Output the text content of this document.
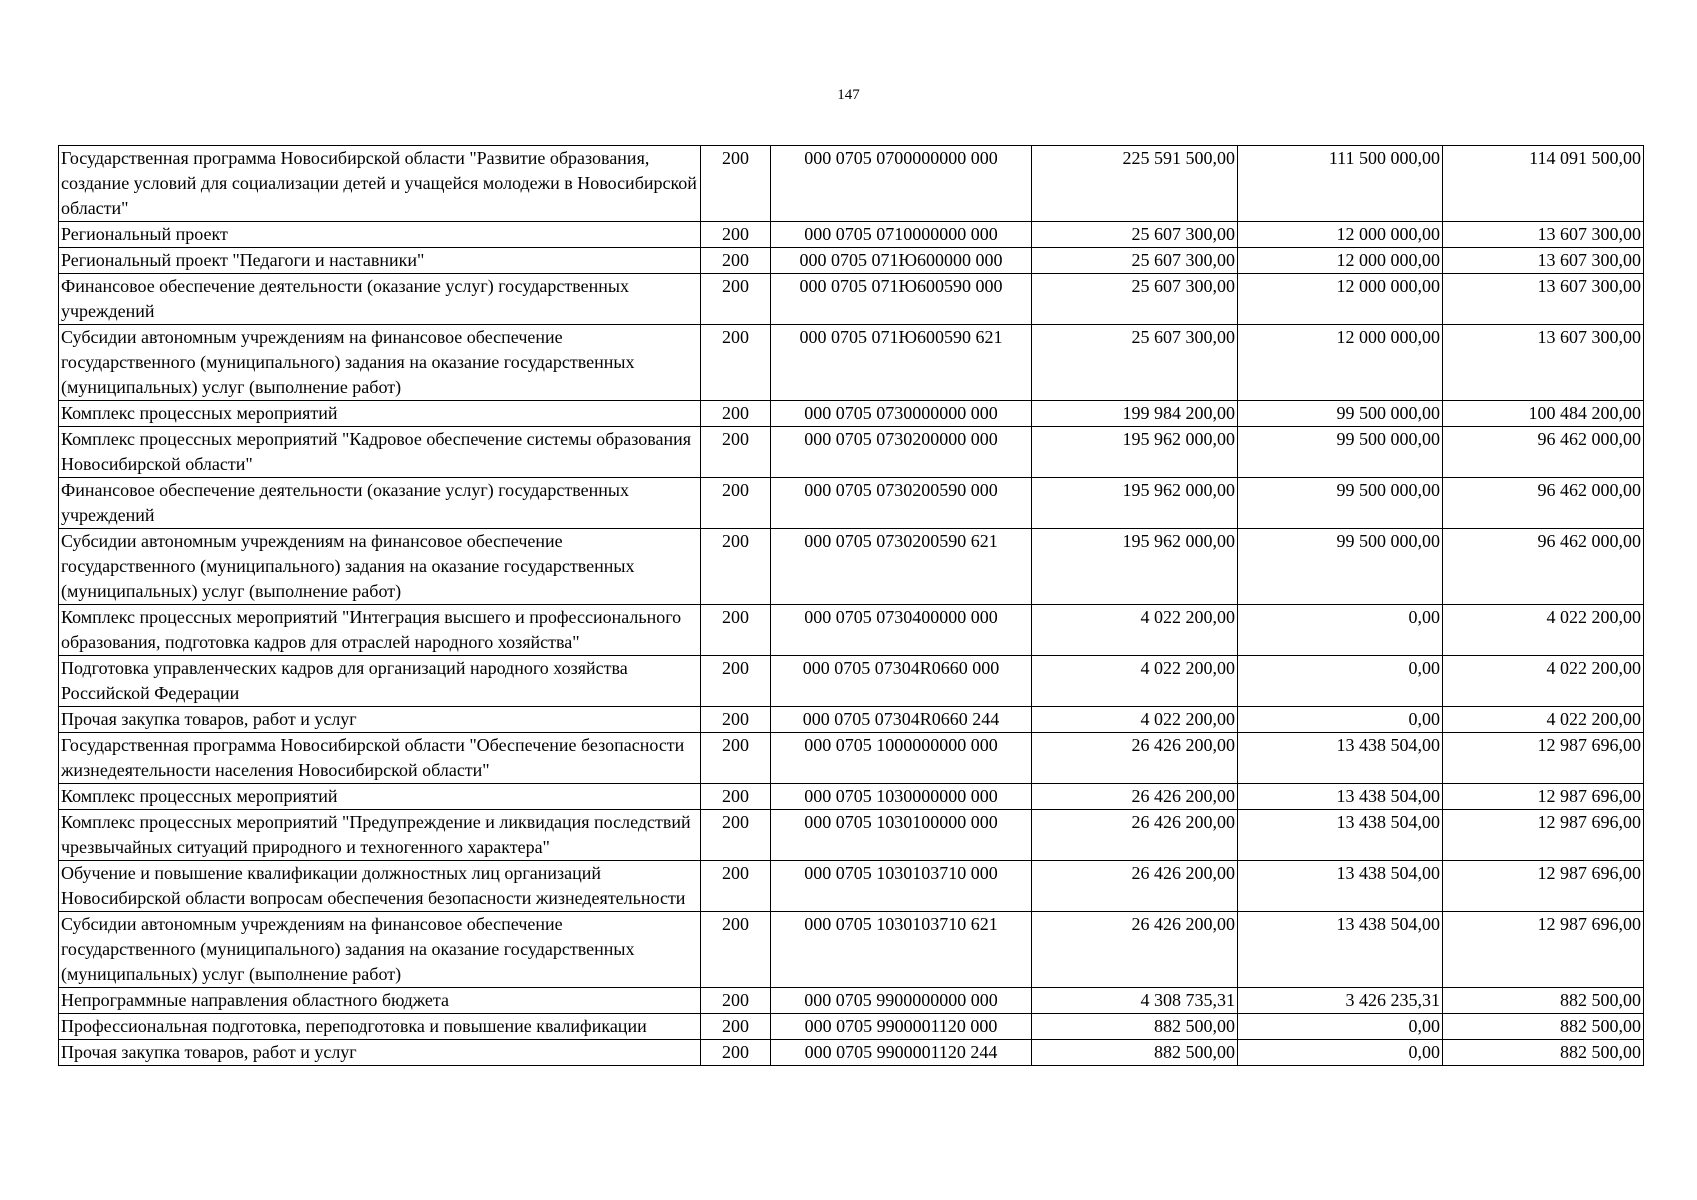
147
Государственная программа Новосибирской области "Развитие образования, создание условий для социализации детей и учащейся молодежи в Новосибирской области"	200	000 0705 0700000000 000	225 591 500,00	111 500 000,00	114 091 500,00
Региональный проект	200	000 0705 0710000000 000	25 607 300,00	12 000 000,00	13 607 300,00
Региональный проект "Педагоги и наставники"	200	000 0705 071Ю600000 000	25 607 300,00	12 000 000,00	13 607 300,00
Финансовое обеспечение деятельности (оказание услуг) государственных учреждений	200	000 0705 071Ю600590 000	25 607 300,00	12 000 000,00	13 607 300,00
Субсидии автономным учреждениям на финансовое обеспечение государственного (муниципального) задания на оказание государственных (муниципальных) услуг (выполнение работ)	200	000 0705 071Ю600590 621	25 607 300,00	12 000 000,00	13 607 300,00
Комплекс процессных мероприятий	200	000 0705 0730000000 000	199 984 200,00	99 500 000,00	100 484 200,00
Комплекс процессных мероприятий "Кадровое обеспечение системы образования Новосибирской области"	200	000 0705 0730200000 000	195 962 000,00	99 500 000,00	96 462 000,00
Финансовое обеспечение деятельности (оказание услуг) государственных учреждений	200	000 0705 0730200590 000	195 962 000,00	99 500 000,00	96 462 000,00
Субсидии автономным учреждениям на финансовое обеспечение государственного (муниципального) задания на оказание государственных (муниципальных) услуг (выполнение работ)	200	000 0705 0730200590 621	195 962 000,00	99 500 000,00	96 462 000,00
Комплекс процессных мероприятий "Интеграция высшего и профессионального образования, подготовка кадров для отраслей народного хозяйства"	200	000 0705 0730400000 000	4 022 200,00	0,00	4 022 200,00
Подготовка управленческих кадров для организаций народного хозяйства Российской Федерации	200	000 0705 07304R0660 000	4 022 200,00	0,00	4 022 200,00
Прочая закупка товаров, работ и услуг	200	000 0705 07304R0660 244	4 022 200,00	0,00	4 022 200,00
Государственная программа Новосибирской области "Обеспечение безопасности жизнедеятельности населения Новосибирской области"	200	000 0705 1000000000 000	26 426 200,00	13 438 504,00	12 987 696,00
Комплекс процессных мероприятий	200	000 0705 1030000000 000	26 426 200,00	13 438 504,00	12 987 696,00
Комплекс процессных мероприятий "Предупреждение и ликвидация последствий чрезвычайных ситуаций природного и техногенного характера"	200	000 0705 1030100000 000	26 426 200,00	13 438 504,00	12 987 696,00
Обучение и повышение квалификации должностных лиц организаций Новосибирской области вопросам обеспечения безопасности жизнедеятельности	200	000 0705 1030103710 000	26 426 200,00	13 438 504,00	12 987 696,00
Субсидии автономным учреждениям на финансовое обеспечение государственного (муниципального) задания на оказание государственных (муниципальных) услуг (выполнение работ)	200	000 0705 1030103710 621	26 426 200,00	13 438 504,00	12 987 696,00
Непрограммные направления областного бюджета	200	000 0705 9900000000 000	4 308 735,31	3 426 235,31	882 500,00
Профессиональная подготовка, переподготовка и повышение квалификации	200	000 0705 9900001120 000	882 500,00	0,00	882 500,00
Прочая закупка товаров, работ и услуг	200	000 0705 9900001120 244	882 500,00	0,00	882 500,00
